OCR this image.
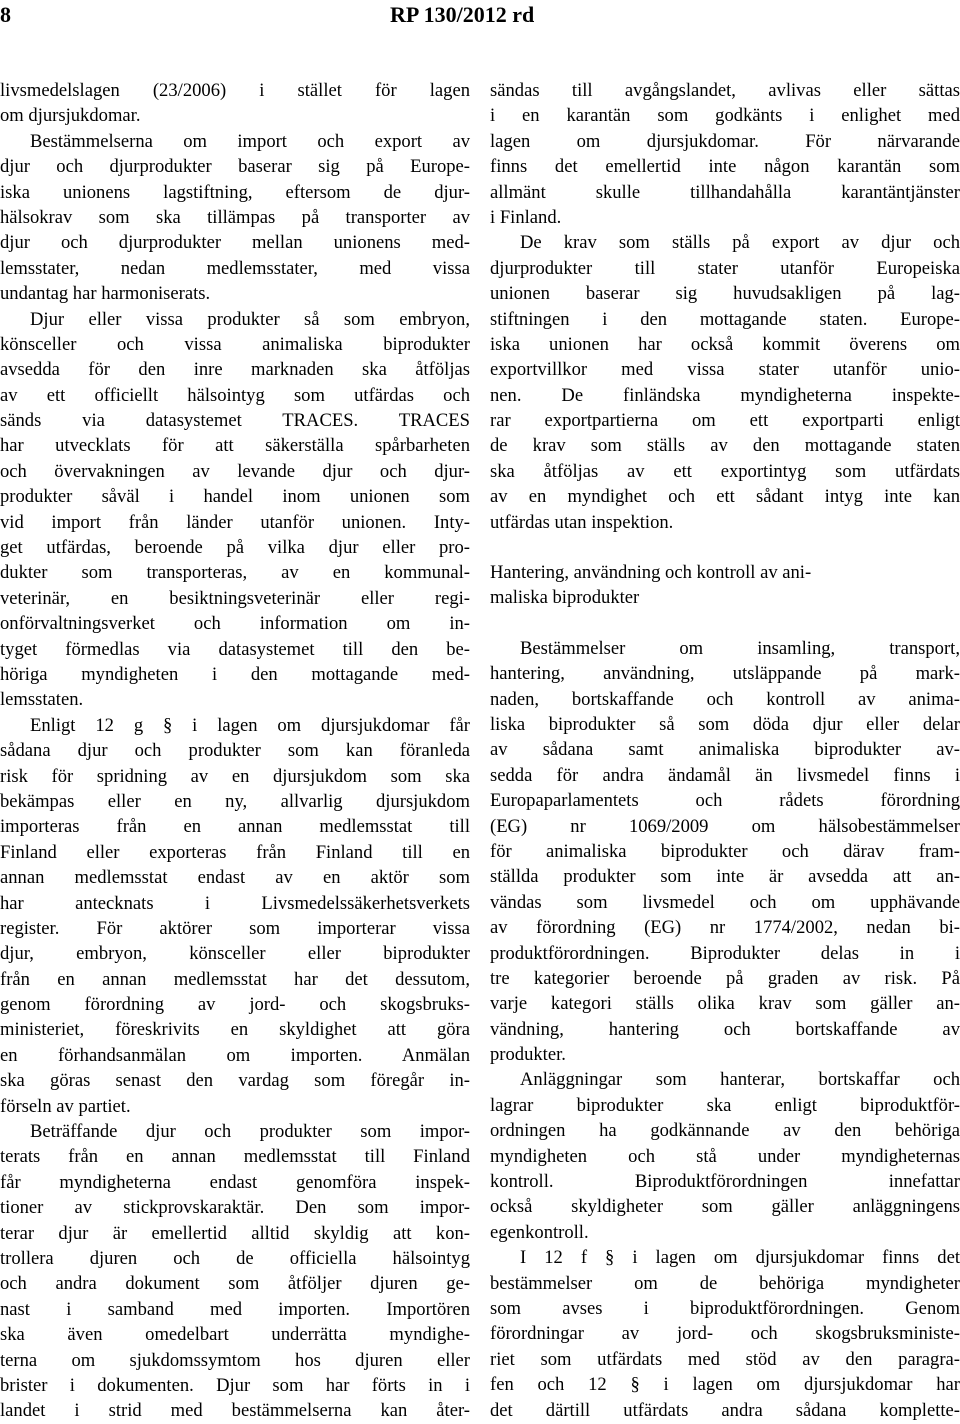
8	RP 130/2012 rd
livsmedelslagen (23/2006) i stället för lagen
om djursjukdomar.
Bestämmelserna om import och export av
djur och djurprodukter baserar sig på Europe-
iska unionens lagstiftning, eftersom de djur-
hälsokrav som ska tillämpas på transporter av
djur och djurprodukter mellan unionens med-
lemsstater, nedan medlemsstater, med vissa
undantag har harmoniserats.
Djur eller vissa produkter så som embryon,
könsceller och vissa animaliska biprodukter
avsedda för den inre marknaden ska åtföljas
av ett officiellt hälsointyg som utfärdas och
sänds via datasystemet TRACES. TRACES
har utvecklats för att säkerställa spårbarheten
och övervakningen av levande djur och djur-
produkter såväl i handel inom unionen som
vid import från länder utanför unionen. Inty-
get utfärdas, beroende på vilka djur eller pro-
dukter som transporteras, av en kommunal-
veterinär, en besiktningsveterinär eller regi-
onförvaltningsverket och information om in-
tyget förmedlas via datasystemet till den be-
höriga myndigheten i den mottagande med-
lemsstaten.
Enligt 12 g § i lagen om djursjukdomar får
sådana djur och produkter som kan föranleda
risk för spridning av en djursjukdom som ska
bekämpas eller en ny, allvarlig djursjukdom
importeras från en annan medlemsstat till
Finland eller exporteras från Finland till en
annan medlemsstat endast av en aktör som
har antecknats i Livsmedelssäkerhetsverkets
register. För aktörer som importerar vissa
djur, embryon, könsceller eller biprodukter
från en annan medlemsstat har det dessutom,
genom förordning av jord- och skogsbruks-
ministeriet, föreskrivits en skyldighet att göra
en förhandsanmälan om importen. Anmälan
ska göras senast den vardag som föregår in-
förseln av partiet.
Beträffande djur och produkter som impor-
terats från en annan medlemsstat till Finland
får myndigheterna endast genomföra inspek-
tioner av stickprovskaraktär. Den som impor-
terar djur är emellertid alltid skyldig att kon-
trollera djuren och de officiella hälsointyg
och andra dokument som åtföljer djuren ge-
nast i samband med importen. Importören
ska även omedelbart underrätta myndighe-
terna om sjukdomssymtom hos djuren eller
brister i dokumenten. Djur som har förts in i
landet i strid med bestämmelserna kan åter-
sändas till avgångslandet, avlivas eller sättas
i en karantän som godkänts i enlighet med
lagen om djursjukdomar. För närvarande
finns det emellertid inte någon karantän som
allmänt skulle tillhandahålla karantäntjänster
i Finland.
De krav som ställs på export av djur och
djurprodukter till stater utanför Europeiska
unionen baserar sig huvudsakligen på lag-
stiftningen i den mottagande staten. Europe-
iska unionen har också kommit överens om
exportvillkor med vissa stater utanför unio-
nen. De finländska myndigheterna inspekte-
rar exportpartierna om ett exportparti enligt
de krav som ställs av den mottagande staten
ska åtföljas av ett exportintyg som utfärdats
av en myndighet och ett sådant intyg inte kan
utfärdas utan inspektion.
Hantering, användning och kontroll av ani-
maliska biprodukter
Bestämmelser om insamling, transport,
hantering, användning, utsläppande på mark-
naden, bortskaffande och kontroll av anima-
liska biprodukter så som döda djur eller delar
av sådana samt animaliska biprodukter av-
sedda för andra ändamål än livsmedel finns i
Europaparlamentets och rådets förordning
(EG) nr 1069/2009 om hälsobestämmelser
för animaliska biprodukter och därav fram-
ställda produkter som inte är avsedda att an-
vändas som livsmedel och om upphävande
av förordning (EG) nr 1774/2002, nedan bi-
produktförordningen. Biprodukter delas in i
tre kategorier beroende på graden av risk. På
varje kategori ställs olika krav som gäller an-
vändning, hantering och bortskaffande av
produkter.
Anläggningar som hanterar, bortskaffar och
lagrar biprodukter ska enligt biproduktför-
ordningen ha godkännande av den behöriga
myndigheten och stå under myndigheternas
kontroll. Biproduktförordningen innefattar
också skyldigheter som gäller anläggningens
egenkontroll.
I 12 f § i lagen om djursjukdomar finns det
bestämmelser om de behöriga myndigheter
som avses i biproduktförordningen. Genom
förordningar av jord- och skogsbruksministe-
riet som utfärdats med stöd av den paragra-
fen och 12 § i lagen om djursjukdomar har
det därtill utfärdats andra sådana komplette-
